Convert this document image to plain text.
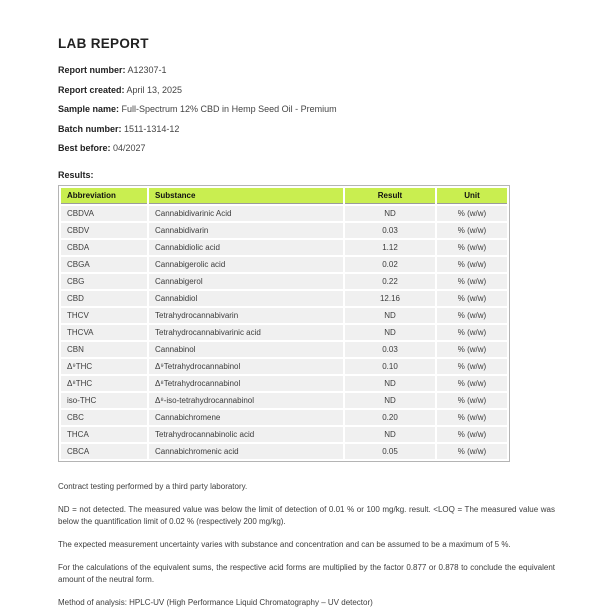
LAB REPORT

Report number: A12307-1

Report created: April 13, 2025

Sample name: Full-Spectrum 12% CBD in Hemp Seed Oil - Premium

Batch number: 1511-1314-12

Best before: 04/2027

Results:

Abbreviation	Substance	Result	Unit
CBDVA	Cannabidivarinic Acid	ND	% (w/w)
CBDV	Cannabidivarin	0.03	% (w/w)
CBDA	Cannabidiolic acid	1.12	% (w/w)
CBGA	Cannabigerolic acid	0.02	% (w/w)
CBG	Cannabigerol	0.22	% (w/w)
CBD	Cannabidiol	12.16	% (w/w)
THCV	Tetrahydrocannabivarin	ND	% (w/w)
THCVA	Tetrahydrocannabivarinic acid	ND	% (w/w)
CBN	Cannabinol	0.03	% (w/w)
Δ⁹THC	Δ⁹Tetrahydrocannabinol	0.10	% (w/w)
Δ⁸THC	Δ⁸Tetrahydrocannabinol	ND	% (w/w)
iso-THC	Δ⁸-iso-tetrahydrocannabinol	ND	% (w/w)
CBC	Cannabichromene	0.20	% (w/w)
THCA	Tetrahydrocannabinolic acid	ND	% (w/w)
CBCA	Cannabichromenic acid	0.05	% (w/w)

Contract testing performed by a third party laboratory.

ND = not detected. The measured value was below the limit of detection of 0.01 % or 100 mg/kg. result. <LOQ = The measured value was below the quantification limit of 0.02 % (respectively 200 mg/kg).

The expected measurement uncertainty varies with substance and concentration and can be assumed to be a maximum of 5 %.

For the calculations of the equivalent sums, the respective acid forms are multiplied by the factor 0.877 or 0.878 to conclude the equivalent amount of the neutral form.

Method of analysis: HPLC-UV (High Performance Liquid Chromatography – UV detector)
